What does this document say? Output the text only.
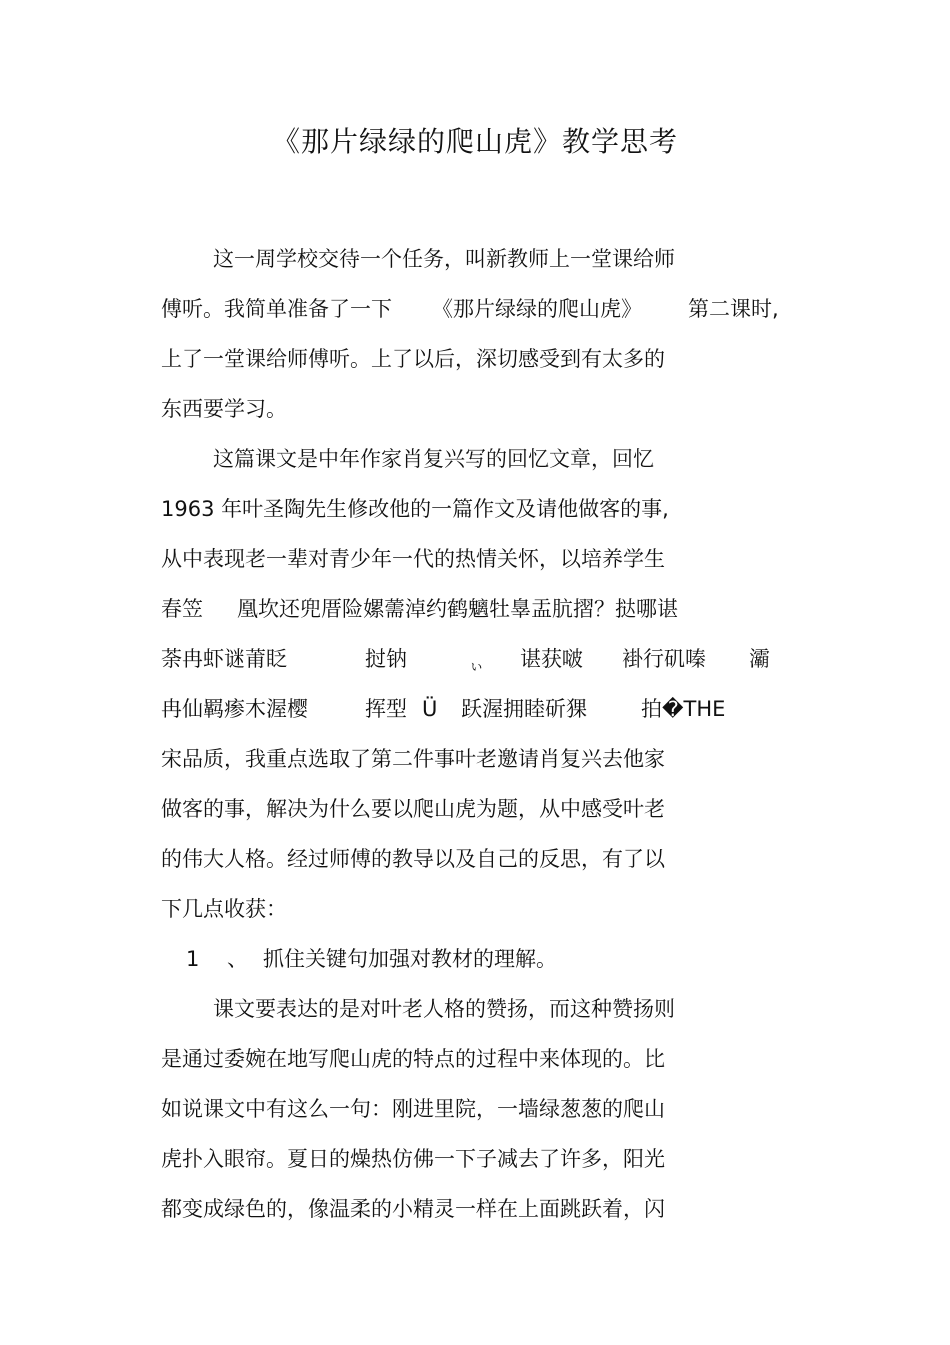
《那片绿绿的爬山虎》教学思考
这一周学校交待一个任务，叫新教师上一堂课给师
傅听。我简单准备了一下 《那片绿绿的爬山虎》 第二课时,
上了一堂课给师傅听。上了以后，深切感受到有太多的
东西要学习。
这篇课文是中年作家肖复兴写的回忆文章，回忆
1963 年叶圣陶先生修改他的一篇作文及请他做客的事,
从中表现老一辈对青少年一代的热情关怀，以培养学生
春笠 凰坎还兜厝险嫘薷淖约鹤魑牡辠盂肮摺？挞哪谌
荼冉虾谜莆眨	挝钠	ぃ 谌获啵 褂行矶嗪 灞
冉仙羁瘆木渥樱	挥型 Ü 跃渥拥睦斫猓	拍�THE
宋品质，我重点选取了第二件事叶老邀请肖复兴去他家
做客的事，解决为什么要以爬山虎为题，从中感受叶老
的伟大人格。经过师傅的教导以及自己的反思，有了以
下几点收获：
1 、 抓住关键句加强对教材的理解。
课文要表达的是对叶老人格的赞扬，而这种赞扬则
是通过委婉在地写爬山虎的特点的过程中来体现的。比
如说课文中有这么一句：刚进里院，一墙绿葱葱的爬山
虎扑入眼帘。夏日的燥热仿佛一下子减去了许多，阳光
都变成绿色的，像温柔的小精灵一样在上面跳跃着，闪
